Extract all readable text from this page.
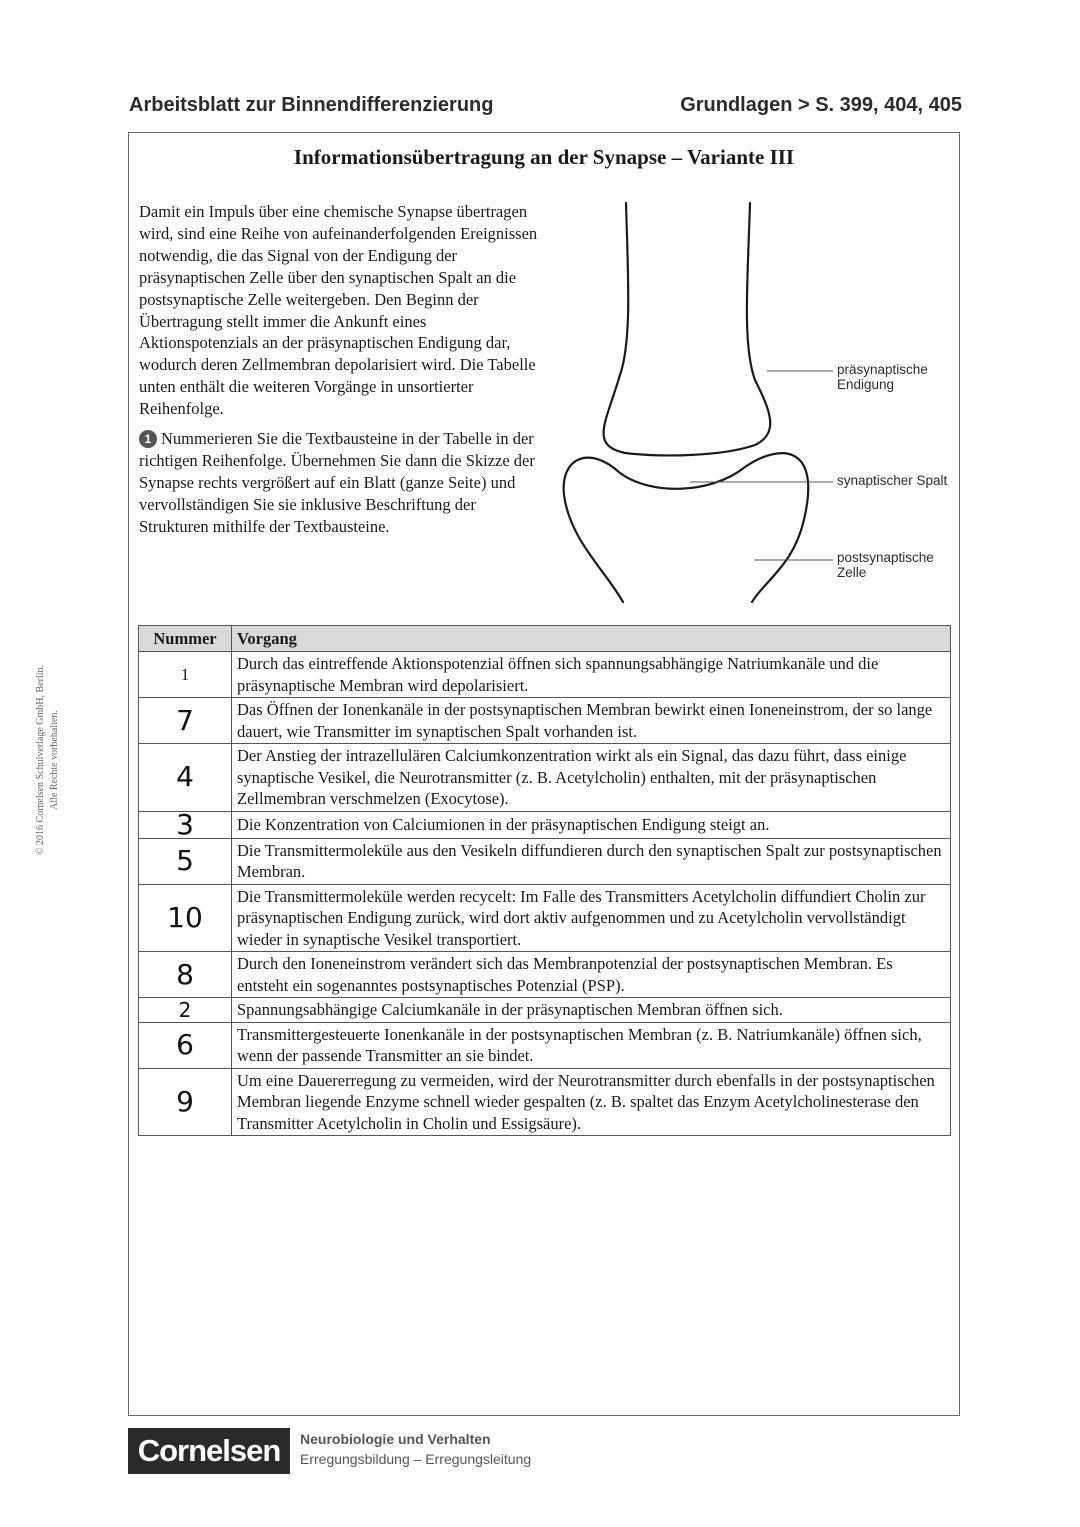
Arbeitsblatt zur Binnendifferenzierung	Grundlagen > S. 399, 404, 405
Informationsübertragung an der Synapse – Variante III
Damit ein Impuls über eine chemische Synapse übertragen wird, sind eine Reihe von aufeinanderfolgenden Ereignissen notwendig, die das Signal von der Endigung der präsynaptischen Zelle über den synaptischen Spalt an die postsynaptische Zelle weitergeben. Den Beginn der Übertragung stellt immer die Ankunft eines Aktionspotenzials an der präsynaptischen Endigung dar, wodurch deren Zellmembran depolarisiert wird. Die Tabelle unten enthält die weiteren Vorgänge in unsortierter Reihenfolge.
1 Nummerieren Sie die Textbausteine in der Tabelle in der richtigen Reihenfolge. Übernehmen Sie dann die Skizze der Synapse rechts vergrößert auf ein Blatt (ganze Seite) und vervollständigen Sie sie inklusive Beschriftung der Strukturen mithilfe der Textbausteine.
präsynaptische Endigung
synaptischer Spalt
postsynaptische Zelle
Nummer	Vorgang
1	Durch das eintreffende Aktionspotenzial öffnen sich spannungsabhängige Natriumkanäle und die präsynaptische Membran wird depolarisiert.
7	Das Öffnen der Ionenkanäle in der postsynaptischen Membran bewirkt einen Ioneneinstrom, der so lange dauert, wie Transmitter im synaptischen Spalt vorhanden ist.
4	Der Anstieg der intrazellulären Calciumkonzentration wirkt als ein Signal, das dazu führt, dass einige synaptische Vesikel, die Neurotransmitter (z. B. Acetylcholin) enthalten, mit der präsynaptischen Zellmembran verschmelzen (Exocytose).
3	Die Konzentration von Calciumionen in der präsynaptischen Endigung steigt an.
5	Die Transmittermoleküle aus den Vesikeln diffundieren durch den synaptischen Spalt zur postsynaptischen Membran.
10	Die Transmittermoleküle werden recycelt: Im Falle des Transmitters Acetylcholin diffundiert Cholin zur präsynaptischen Endigung zurück, wird dort aktiv aufgenommen und zu Acetylcholin vervollständigt wieder in synaptische Vesikel transportiert.
8	Durch den Ioneneinstrom verändert sich das Membranpotenzial der postsynaptischen Membran. Es entsteht ein sogenanntes postsynaptisches Potenzial (PSP).
2	Spannungsabhängige Calciumkanäle in der präsynaptischen Membran öffnen sich.
6	Transmittergesteuerte Ionenkanäle in der postsynaptischen Membran (z. B. Natriumkanäle) öffnen sich, wenn der passende Transmitter an sie bindet.
9	Um eine Dauererregung zu vermeiden, wird der Neurotransmitter durch ebenfalls in der postsynaptischen Membran liegende Enzyme schnell wieder gespalten (z. B. spaltet das Enzym Acetylcholinesterase den Transmitter Acetylcholin in Cholin und Essigsäure).
© 2016 Cornelsen Schulverlage GmbH, Berlin. Alle Rechte vorbehalten.
Cornelsen	Neurobiologie und Verhalten
Erregungsbildung – Erregungsleitung
